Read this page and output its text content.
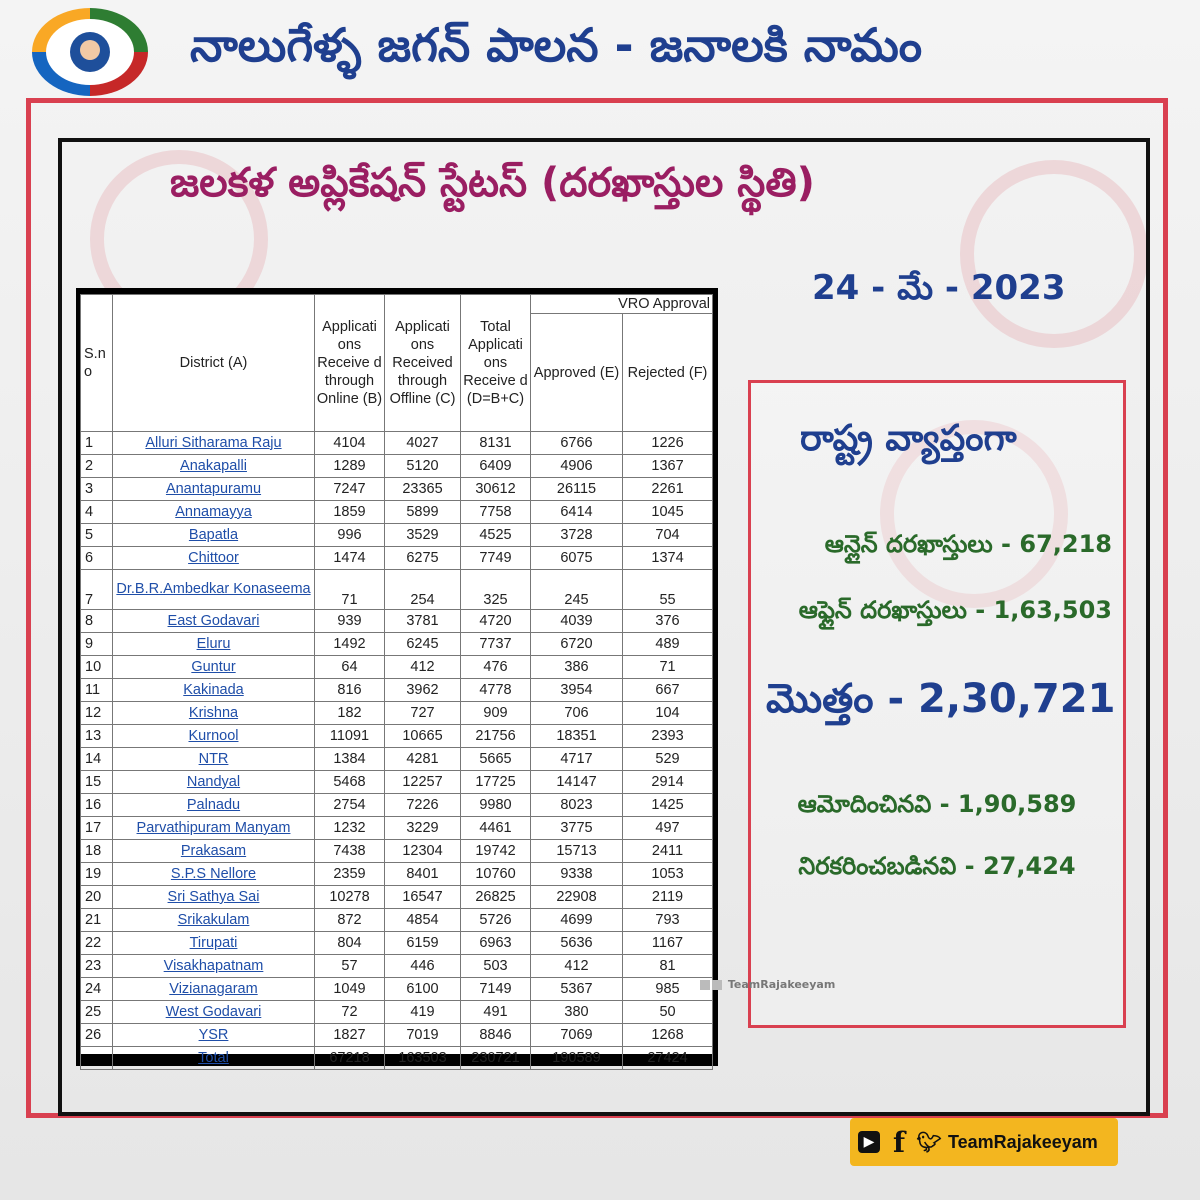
నాలుగేళ్ళ జగన్ పాలన - జనాలకి నామం
జలకళ అప్లికేషన్ స్టేటస్ (దరఖాస్తుల స్థితి)
24 - మే - 2023
S.n o	District (A)	Applicati ons Receive d through Online (B)	Applicati ons Received through Offline (C)	Total Applicati ons Receive d (D=B+C)	VRO Approval	
					Approved (E)	Rejected (F)
1	Alluri Sitharama Raju	4104	4027	8131	6766	1226
2	Anakapalli	1289	5120	6409	4906	1367
3	Anantapuramu	7247	23365	30612	26115	2261
4	Annamayya	1859	5899	7758	6414	1045
5	Bapatla	996	3529	4525	3728	704
6	Chittoor	1474	6275	7749	6075	1374
7	Dr.B.R.Ambedkar Konaseema	71	254	325	245	55
8	East Godavari	939	3781	4720	4039	376
9	Eluru	1492	6245	7737	6720	489
10	Guntur	64	412	476	386	71
11	Kakinada	816	3962	4778	3954	667
12	Krishna	182	727	909	706	104
13	Kurnool	11091	10665	21756	18351	2393
14	NTR	1384	4281	5665	4717	529
15	Nandyal	5468	12257	17725	14147	2914
16	Palnadu	2754	7226	9980	8023	1425
17	Parvathipuram Manyam	1232	3229	4461	3775	497
18	Prakasam	7438	12304	19742	15713	2411
19	S.P.S Nellore	2359	8401	10760	9338	1053
20	Sri Sathya Sai	10278	16547	26825	22908	2119
21	Srikakulam	872	4854	5726	4699	793
22	Tirupati	804	6159	6963	5636	1167
23	Visakhapatnam	57	446	503	412	81
24	Vizianagaram	1049	6100	7149	5367	985
25	West Godavari	72	419	491	380	50
26	YSR	1827	7019	8846	7069	1268
	Total	67218	163503	230721	190589	27424
రాష్ట్ర వ్యాప్తంగా
ఆన్లైన్ దరఖాస్తులు - 67,218
ఆఫ్లైన్ దరఖాస్తులు - 1,63,503
మొత్తం - 2,30,721
ఆమోదించినవి - 1,90,589
నిరకరించబడినవి - 27,424
TeamRajakeeyam
▶ f 🐦︎ TeamRajakeeyam
